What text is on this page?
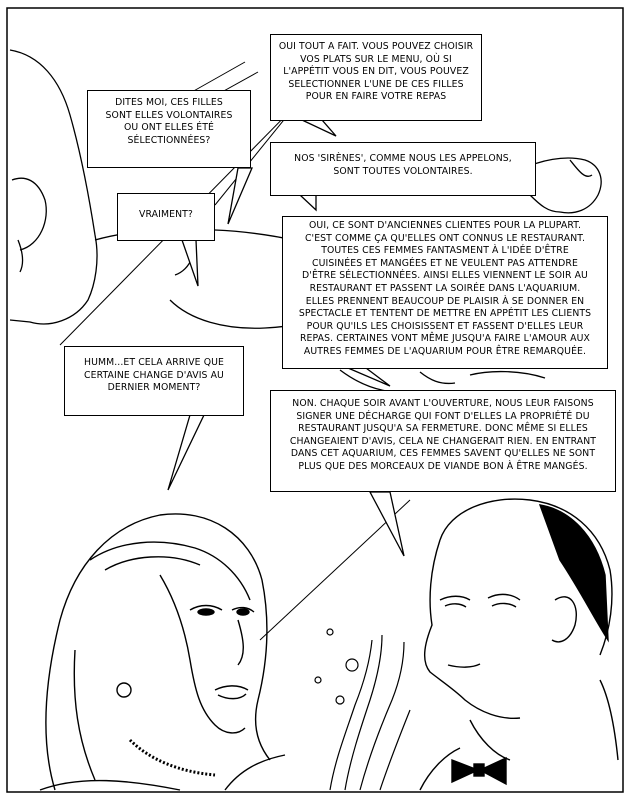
DITES MOI, CES FILLES
SONT ELLES VOLONTAIRES
OU ONT ELLES ÉTÉ
SÉLECTIONNÉES?
OUI TOUT A FAIT. VOUS POUVEZ CHOISIR
VOS PLATS SUR LE MENU, OÙ SI
L'APPÉTIT VOUS EN DIT, VOUS POUVEZ
SELECTIONNER L'UNE DE CES FILLES
POUR EN FAIRE VOTRE REPAS
NOS 'SIRÈNES', COMME NOUS LES APPELONS,
SONT TOUTES VOLONTAIRES.
VRAIMENT?
OUI, CE SONT D'ANCIENNES CLIENTES POUR LA PLUPART.
C'EST COMME ÇA QU'ELLES ONT CONNUS LE RESTAURANT.
TOUTES CES FEMMES FANTASMENT À L'IDÉE D'ÊTRE
CUISINÉES ET MANGÉES ET NE VEULENT PAS ATTENDRE
D'ÊTRE SÉLECTIONNÉES. AINSI ELLES VIENNENT LE SOIR AU
RESTAURANT ET PASSENT LA SOIRÉE DANS L'AQUARIUM.
ELLES PRENNENT BEAUCOUP DE PLAISIR À SE DONNER EN
SPECTACLE ET TENTENT DE METTRE EN APPÉTIT LES CLIENTS
POUR QU'ILS LES CHOISISSENT ET FASSENT D'ELLES LEUR
REPAS. CERTAINES VONT MÊME JUSQU'A FAIRE L'AMOUR AUX
AUTRES FEMMES DE L'AQUARIUM POUR ÊTRE REMARQUÉE.
HUMM...ET CELA ARRIVE QUE
CERTAINE CHANGE D'AVIS AU
DERNIER MOMENT?
NON. CHAQUE SOIR AVANT L'OUVERTURE, NOUS LEUR FAISONS
SIGNER UNE DÉCHARGE QUI FONT D'ELLES LA PROPRIÉTÉ DU
RESTAURANT JUSQU'A SA FERMETURE. DONC MÊME SI ELLES
CHANGEAIENT D'AVIS, CELA NE CHANGERAIT RIEN. EN ENTRANT
DANS CET AQUARIUM, CES FEMMES SAVENT QU'ELLES NE SONT
PLUS QUE DES MORCEAUX DE VIANDE BON À ÊTRE MANGÉS.
